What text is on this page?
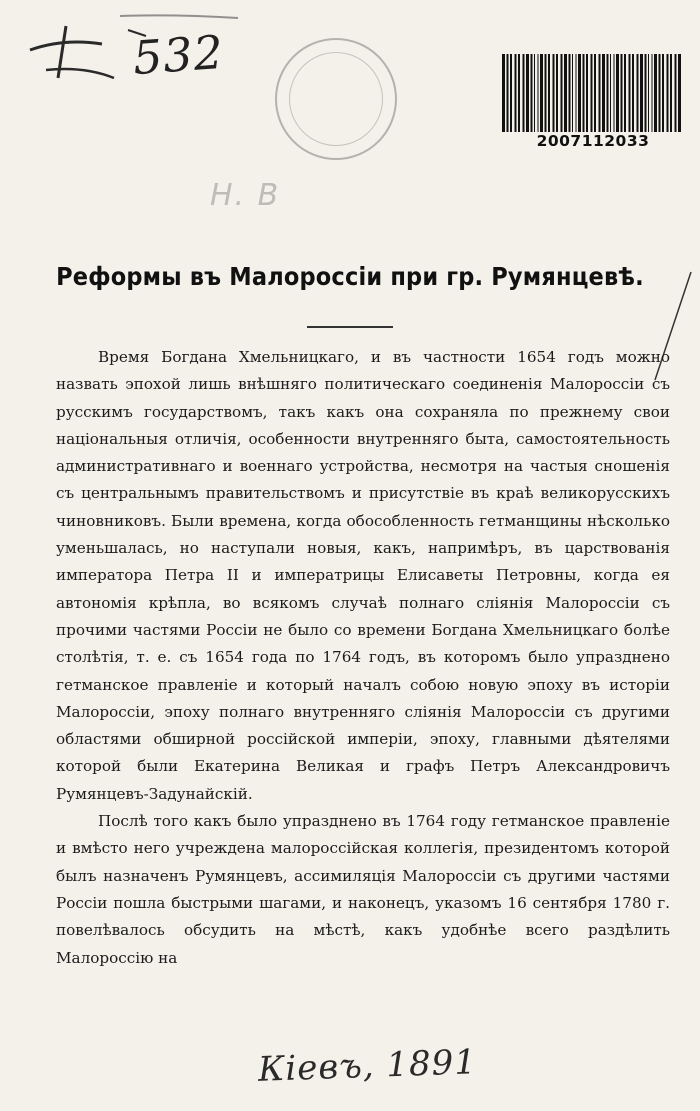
532
2007112033
Н. В
Реформы въ Малороссіи при гр. Румянцевѣ.

Время Богдана Хмельницкаго, и въ частности 1654 годъ можно назвать эпохой лишь внѣшняго политическаго соединенія Малороссіи съ русскимъ государствомъ, такъ какъ она сохраняла по прежнему свои національныя отличія, особенности внутренняго быта, самостоятельность административнаго и военнаго устройства, несмотря на частыя сношенія съ центральнымъ правительствомъ и присутствіе въ краѣ великорусскихъ чиновниковъ. Были времена, когда обособленность гетманщины нѣсколько уменьшалась, но наступали новыя, какъ, напримѣръ, въ царствованія императора Петра II и императрицы Елисаветы Петровны, когда ея автономія крѣпла, во всякомъ случаѣ полнаго слiянія Малороссіи съ прочими частями Россіи не было со времени Богдана Хмельницкаго болѣе столѣтія, т. е. съ 1654 года по 1764 годъ, въ которомъ было упразднено гетманское правленіе и который началъ собою новую эпоху въ исторіи Малороссіи, эпоху полнаго внутренняго слiянія Малороссіи съ другими областями обширной россійской имперіи, эпоху, главными дѣятелями которой были Екатерина Великая и графъ Петръ Александровичъ Румянцевъ-Задунайскій.

Послѣ того какъ было упразднено въ 1764 году гетманское правленіе и вмѣсто него учреждена малороссійская коллегія, президентомъ которой былъ назначенъ Румянцевъ, ассимиляція Малороссіи съ другими частями Россіи пошла быстрыми шагами, и наконецъ, указомъ 16 сентября 1780 г. повелѣвалось обсудить на мѣстѣ, какъ удобнѣе всего раздѣлить Малороссію на

Кіевъ, 1891
